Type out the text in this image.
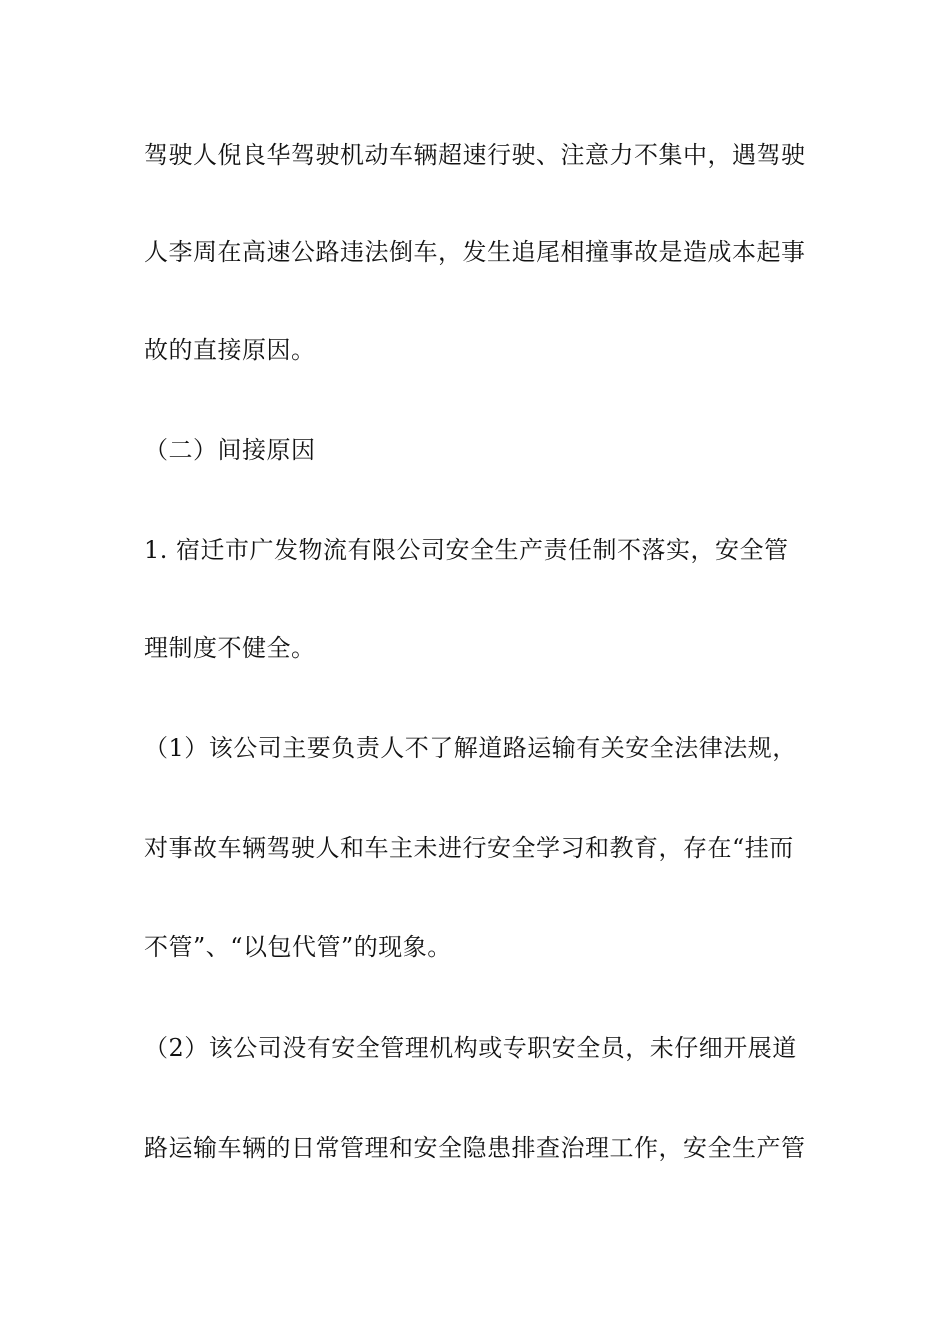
驾驶人倪良华驾驶机动车辆超速行驶、注意力不集中，遇驾驶
人李周在高速公路违法倒车，发生追尾相撞事故是造成本起事
故的直接原因。
（二）间接原因
1. 宿迁市广发物流有限公司安全生产责任制不落实，安全管
理制度不健全。
（1）该公司主要负责人不了解道路运输有关安全法律法规，
对事故车辆驾驶人和车主未进行安全学习和教育，存在“挂而
不管”、“以包代管”的现象。
（2）该公司没有安全管理机构或专职安全员，未仔细开展道
路运输车辆的日常管理和安全隐患排查治理工作，安全生产管
